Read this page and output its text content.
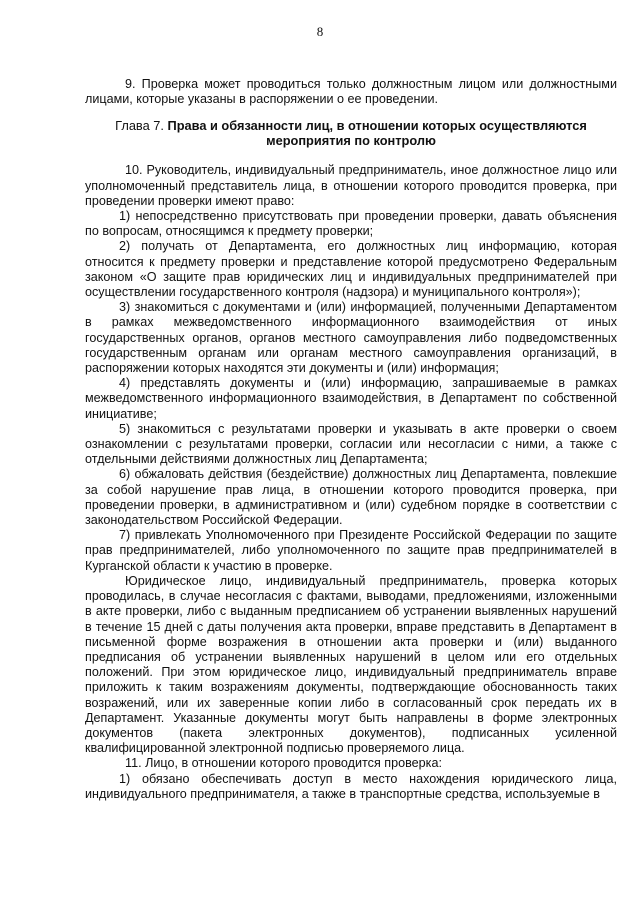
8

9. Проверка может проводиться только должностным лицом или должностными лицами, которые указаны в распоряжении о ее проведении.

Глава 7. Права и обязанности лиц, в отношении которых осуществляются мероприятия по контролю

10. Руководитель, индивидуальный предприниматель, иное должностное лицо или уполномоченный представитель лица, в отношении которого проводится проверка, при проведении проверки имеют право:

1) непосредственно присутствовать при проведении проверки, давать объяснения по вопросам, относящимся к предмету проверки;

2) получать от Департамента, его должностных лиц информацию, которая относится к предмету проверки и представление которой предусмотрено Федеральным законом «О защите прав юридических лиц и индивидуальных предпринимателей при осуществлении государственного контроля (надзора) и муниципального контроля»);

3) знакомиться с документами и (или) информацией, полученными Департаментом в рамках межведомственного информационного взаимодействия от иных государственных органов, органов местного самоуправления либо подведомственных государственным органам или органам местного самоуправления организаций, в распоряжении которых находятся эти документы и (или) информация;

4) представлять документы и (или) информацию, запрашиваемые в рамках межведомственного информационного взаимодействия, в Департамент по собственной инициативе;

5) знакомиться с результатами проверки и указывать в акте проверки о своем ознакомлении с результатами проверки, согласии или несогласии с ними, а также с отдельными действиями должностных лиц Департамента;

6) обжаловать действия (бездействие) должностных лиц Департамента, повлекшие за собой нарушение прав лица, в отношении которого проводится проверка, при проведении проверки, в административном и (или) судебном порядке в соответствии с законодательством Российской Федерации.

7) привлекать Уполномоченного при Президенте Российской Федерации по защите прав предпринимателей, либо уполномоченного по защите прав предпринимателей в Курганской области к участию в проверке.

Юридическое лицо, индивидуальный предприниматель, проверка которых проводилась, в случае несогласия с фактами, выводами, предложениями, изложенными в акте проверки, либо с выданным предписанием об устранении выявленных нарушений в течение 15 дней с даты получения акта проверки, вправе представить в Департамент в письменной форме возражения в отношении акта проверки и (или) выданного предписания об устранении выявленных нарушений в целом или его отдельных положений. При этом юридическое лицо, индивидуальный предприниматель вправе приложить к таким возражениям документы, подтверждающие обоснованность таких возражений, или их заверенные копии либо в согласованный срок передать их в Департамент. Указанные документы могут быть направлены в форме электронных документов (пакета электронных документов), подписанных усиленной квалифицированной электронной подписью проверяемого лица.

11. Лицо, в отношении которого проводится проверка:

1) обязано обеспечивать доступ в место нахождения юридического лица, индивидуального предпринимателя, а также в транспортные средства, используемые в
